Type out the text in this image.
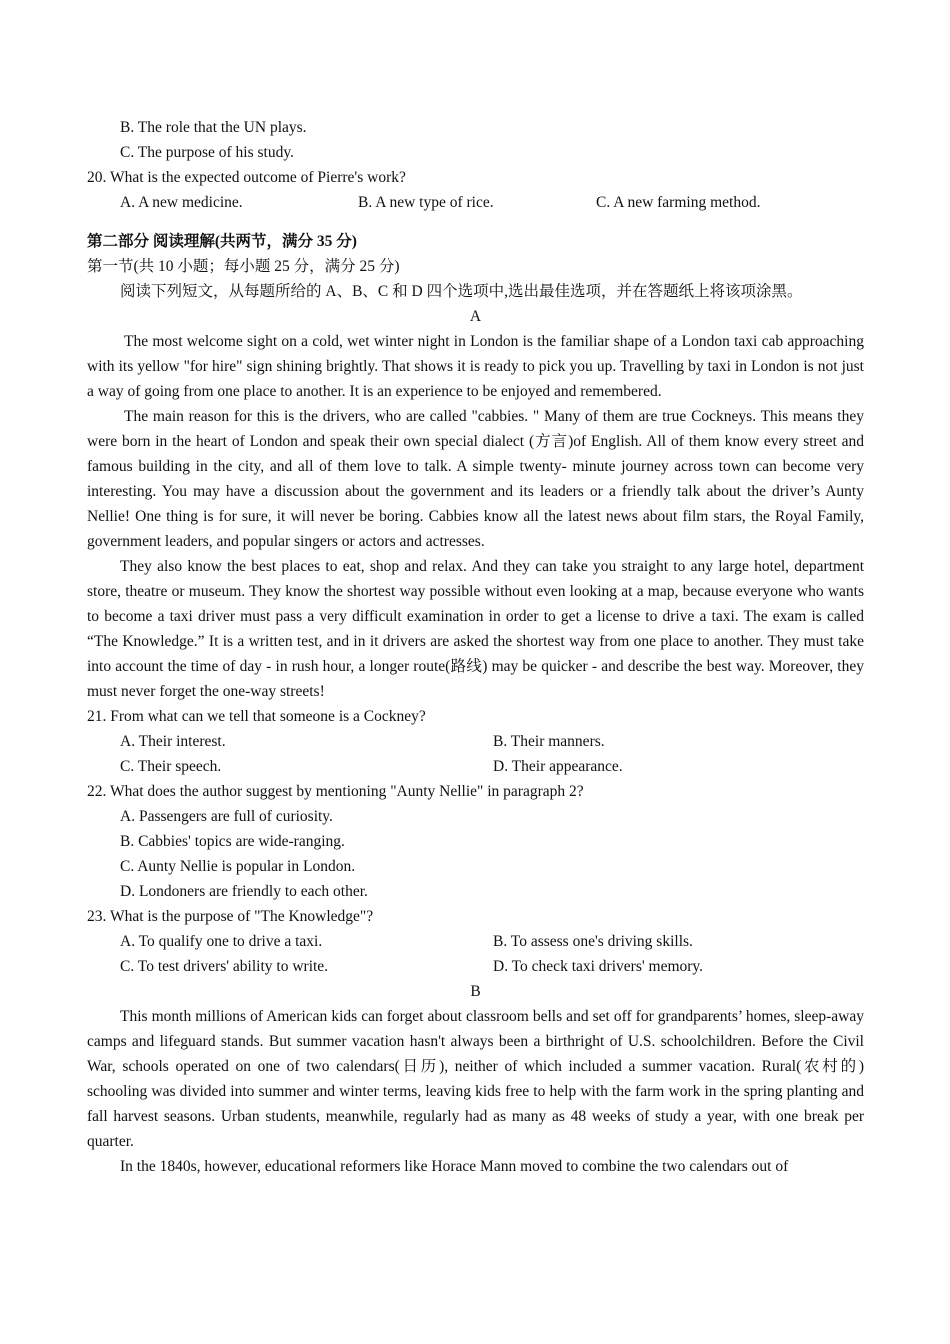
B. The role that the UN plays.

C. The purpose of his study.

20. What is the expected outcome of Pierre's work?

A. A new medicine.	B. A new type of rice.	C. A new farming method.

第二部分 阅读理解(共两节，满分 35 分)

第一节(共 10 小题；每小题 25 分，满分 25 分)

阅读下列短文，从每题所给的 A、B、C 和 D 四个选项中,选出最佳选项，并在答题纸上将该项涂黑。

A

The most welcome sight on a cold, wet winter night in London is the familiar shape of a London taxi cab approaching with its yellow "for hire" sign shining brightly. That shows it is ready to pick you up. Travelling by taxi in London is not just a way of going from one place to another. It is an experience to be enjoyed and remembered.

The main reason for this is the drivers, who are called "cabbies. " Many of them are true Cockneys. This means they were born in the heart of London and speak their own special dialect (方言)of English. All of them know every street and famous building in the city, and all of them love to talk. A simple twenty- minute journey across town can become very interesting. You may have a discussion about the government and its leaders or a friendly talk about the driver’s Aunty Nellie! One thing is for sure, it will never be boring. Cabbies know all the latest news about film stars, the Royal Family, government leaders, and popular singers or actors and actresses.

They also know the best places to eat, shop and relax. And they can take you straight to any large hotel, department store, theatre or museum. They know the shortest way possible without even looking at a map, because everyone who wants to become a taxi driver must pass a very difficult examination in order to get a license to drive a taxi. The exam is called “The Knowledge.” It is a written test, and in it drivers are asked the shortest way from one place to another. They must take into account the time of day - in rush hour, a longer route(路线) may be quicker - and describe the best way. Moreover, they must never forget the one-way streets!

21. From what can we tell that someone is a Cockney?

A. Their interest.	B. Their manners.
C. Their speech.	D. Their appearance.

22. What does the author suggest by mentioning "Aunty Nellie" in paragraph 2?

A. Passengers are full of curiosity.

B. Cabbies' topics are wide-ranging.

C. Aunty Nellie is popular in London.

D. Londoners are friendly to each other.

23. What is the purpose of "The Knowledge"?

A. To qualify one to drive a taxi.	B. To assess one's driving skills.
C. To test drivers' ability to write.	D. To check taxi drivers' memory.

B

This month millions of American kids can forget about classroom bells and set off for grandparents’ homes, sleep-away camps and lifeguard stands. But summer vacation hasn't always been a birthright of U.S. schoolchildren. Before the Civil War, schools operated on one of two calendars(日历), neither of which included a summer vacation. Rural(农村的) schooling was divided into summer and winter terms, leaving kids free to help with the farm work in the spring planting and fall harvest seasons. Urban students, meanwhile, regularly had as many as 48 weeks of study a year, with one break per quarter.

In the 1840s, however, educational reformers like Horace Mann moved to combine the two calendars out of
